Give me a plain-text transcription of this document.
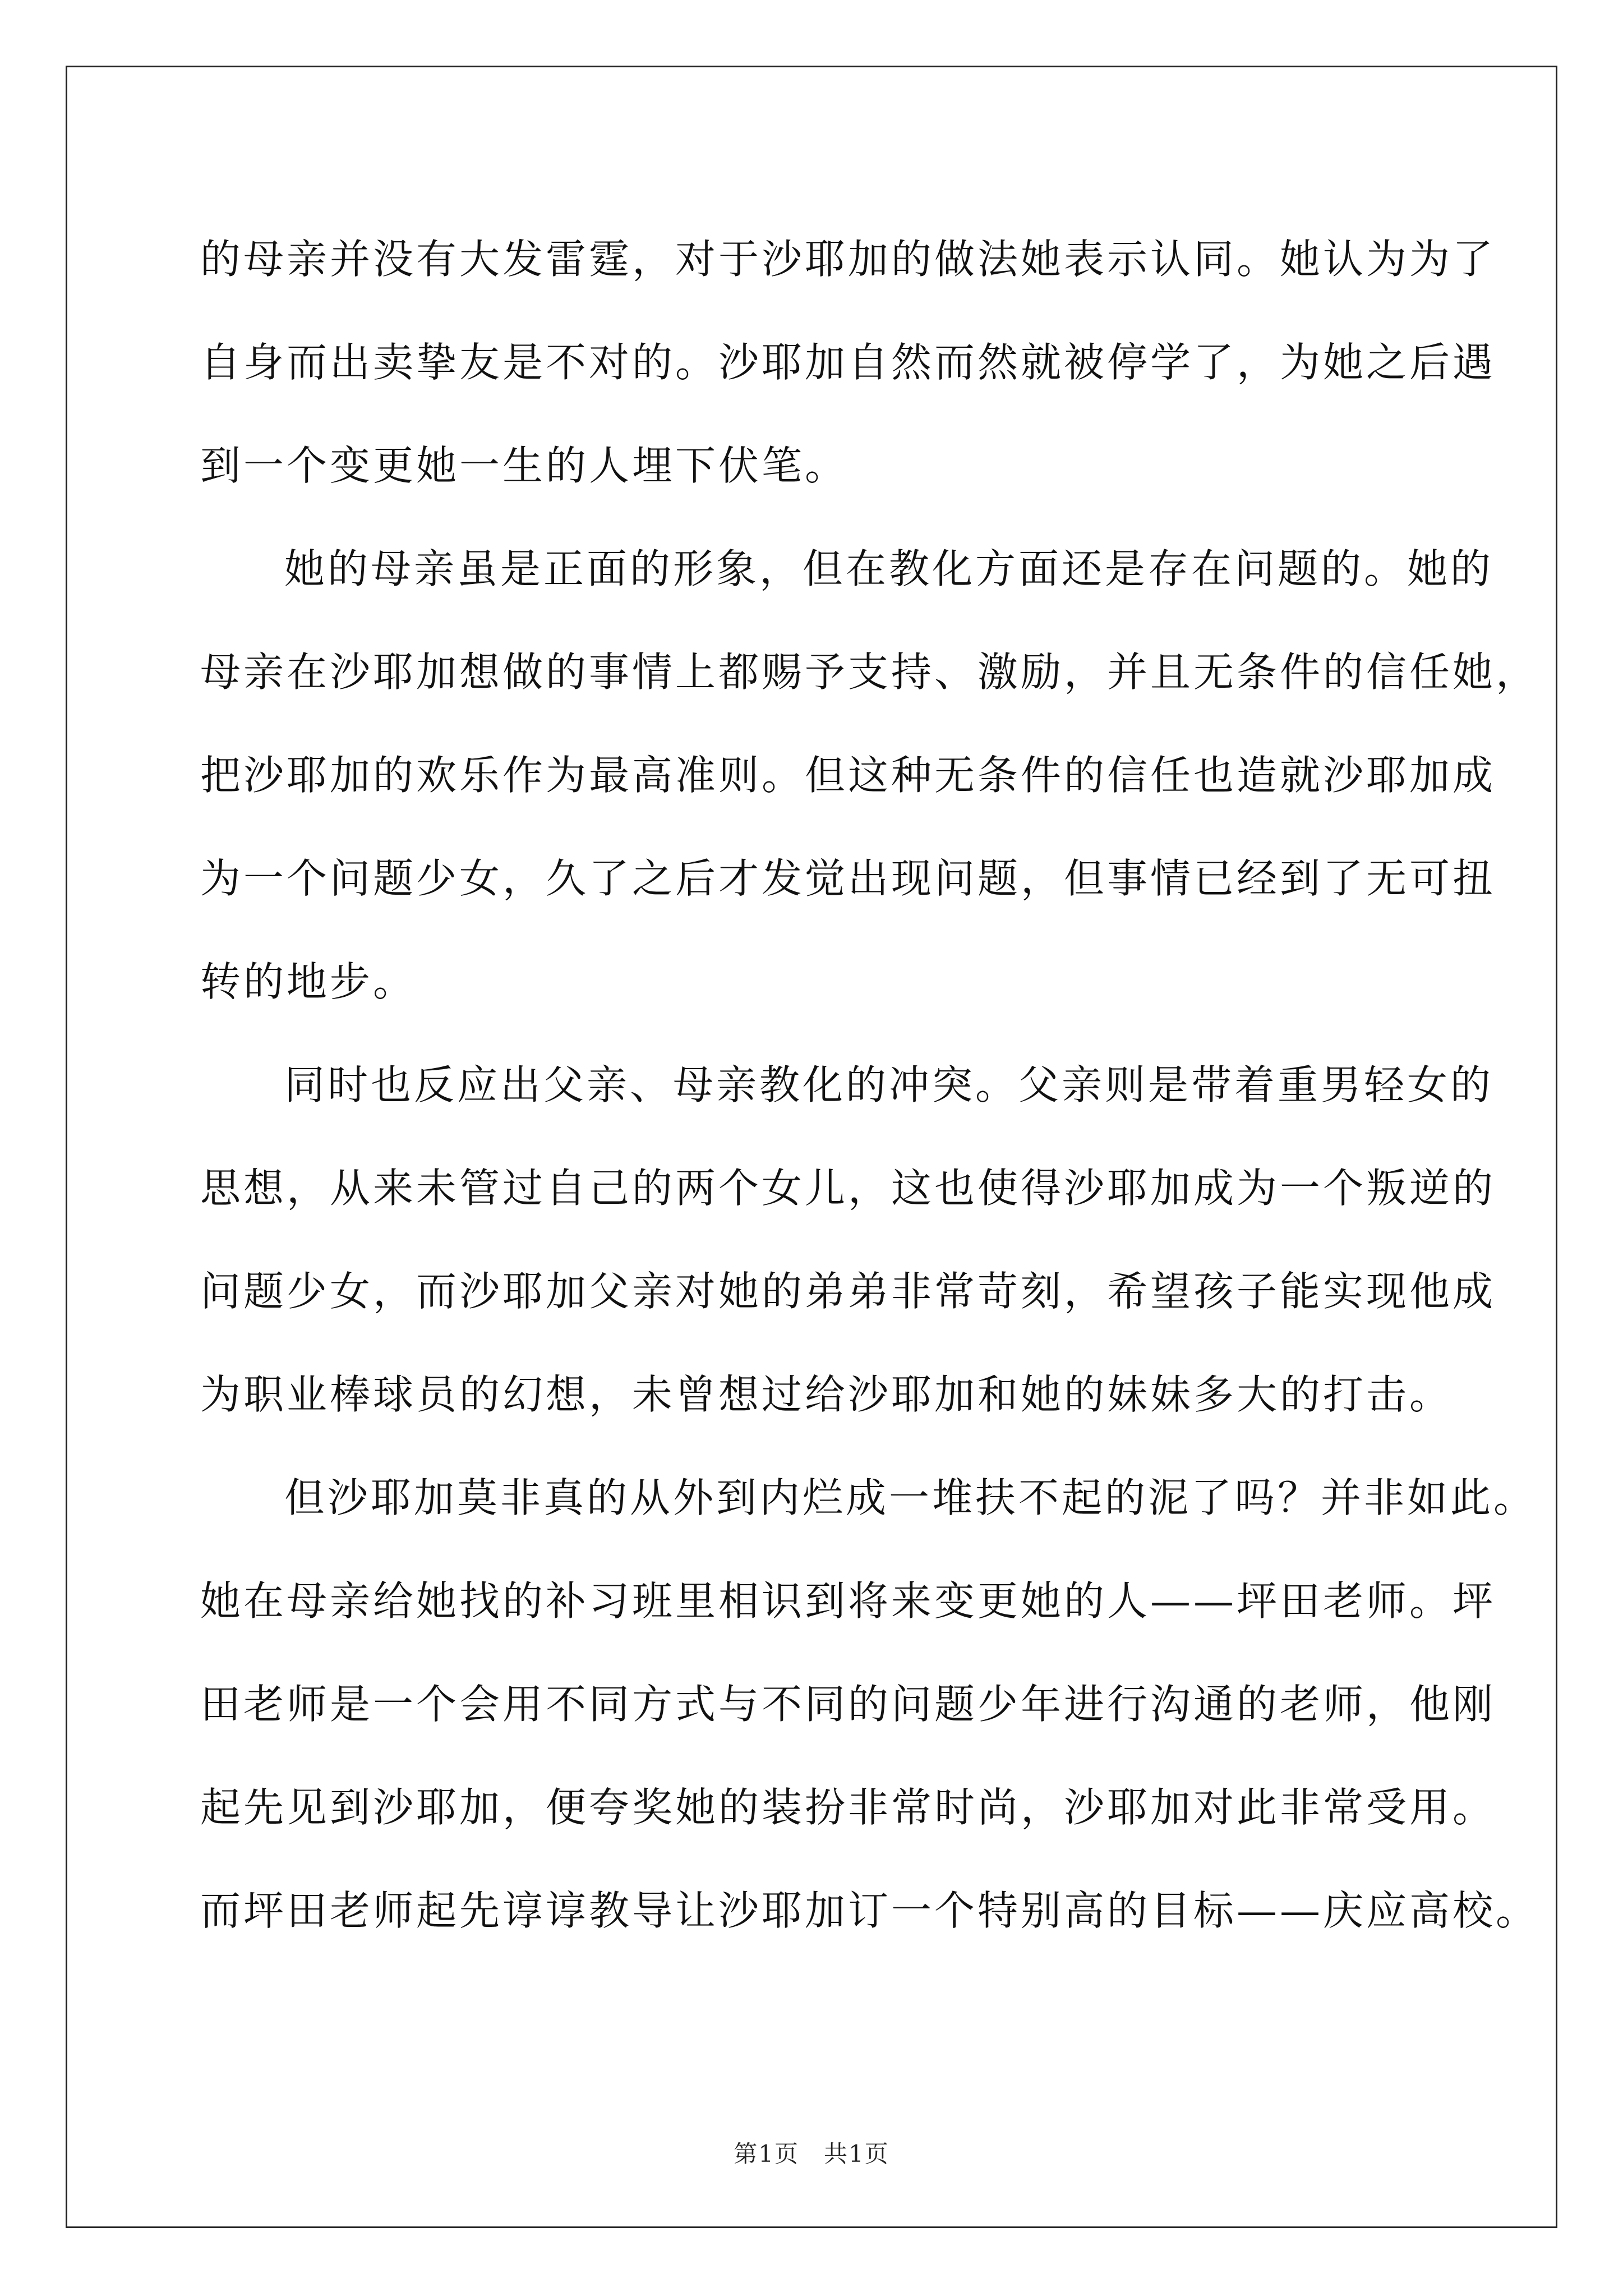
的母亲并没有大发雷霆，对于沙耶加的做法她表示认同。她认为为了
自身而出卖挚友是不对的。沙耶加自然而然就被停学了，为她之后遇
到一个变更她一生的人埋下伏笔。
她的母亲虽是正面的形象，但在教化方面还是存在问题的。她的
母亲在沙耶加想做的事情上都赐予支持、激励，并且无条件的信任她，
把沙耶加的欢乐作为最高准则。但这种无条件的信任也造就沙耶加成
为一个问题少女，久了之后才发觉出现问题，但事情已经到了无可扭
转的地步。
同时也反应出父亲、母亲教化的冲突。父亲则是带着重男轻女的
思想，从来未管过自己的两个女儿，这也使得沙耶加成为一个叛逆的
问题少女，而沙耶加父亲对她的弟弟非常苛刻，希望孩子能实现他成
为职业棒球员的幻想，未曾想过给沙耶加和她的妹妹多大的打击。
但沙耶加莫非真的从外到内烂成一堆扶不起的泥了吗？并非如此。
她在母亲给她找的补习班里相识到将来变更她的人——坪田老师。坪
田老师是一个会用不同方式与不同的问题少年进行沟通的老师，他刚
起先见到沙耶加，便夸奖她的装扮非常时尚，沙耶加对此非常受用。
而坪田老师起先谆谆教导让沙耶加订一个特别高的目标——庆应高校。
第1页　共1页
